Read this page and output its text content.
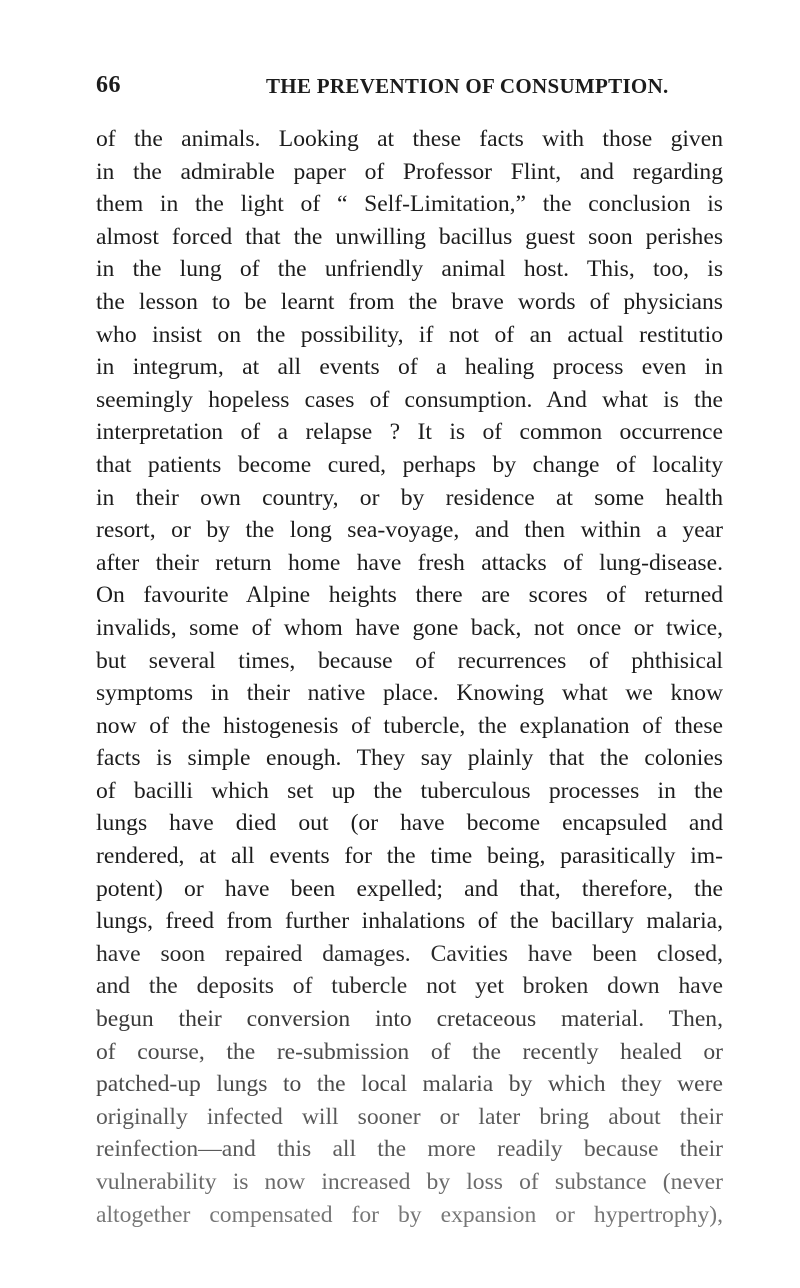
66	THE PREVENTION OF CONSUMPTION.
of the animals. Looking at these facts with those given
in the admirable paper of Professor Flint, and regarding
them in the light of “ Self-Limitation,” the conclusion is
almost forced that the unwilling bacillus guest soon perishes
in the lung of the unfriendly animal host. This, too, is
the lesson to be learnt from the brave words of physicians
who insist on the possibility, if not of an actual restitutio
in integrum, at all events of a healing process even in
seemingly hopeless cases of consumption. And what is the
interpretation of a relapse ? It is of common occurrence
that patients become cured, perhaps by change of locality
in their own country, or by residence at some health
resort, or by the long sea-voyage, and then within a year
after their return home have fresh attacks of lung-disease.
On favourite Alpine heights there are scores of returned
invalids, some of whom have gone back, not once or twice,
but several times, because of recurrences of phthisical
symptoms in their native place. Knowing what we know
now of the histogenesis of tubercle, the explanation of these
facts is simple enough. They say plainly that the colonies
of bacilli which set up the tuberculous processes in the
lungs have died out (or have become encapsuled and
rendered, at all events for the time being, parasitically im-
potent) or have been expelled; and that, therefore, the
lungs, freed from further inhalations of the bacillary malaria,
have soon repaired damages. Cavities have been closed,
and the deposits of tubercle not yet broken down have
begun their conversion into cretaceous material. Then,
of course, the re-submission of the recently healed or
patched-up lungs to the local malaria by which they were
originally infected will sooner or later bring about their
reinfection—and this all the more readily because their
vulnerability is now increased by loss of substance (never
altogether compensated for by expansion or hypertrophy),
